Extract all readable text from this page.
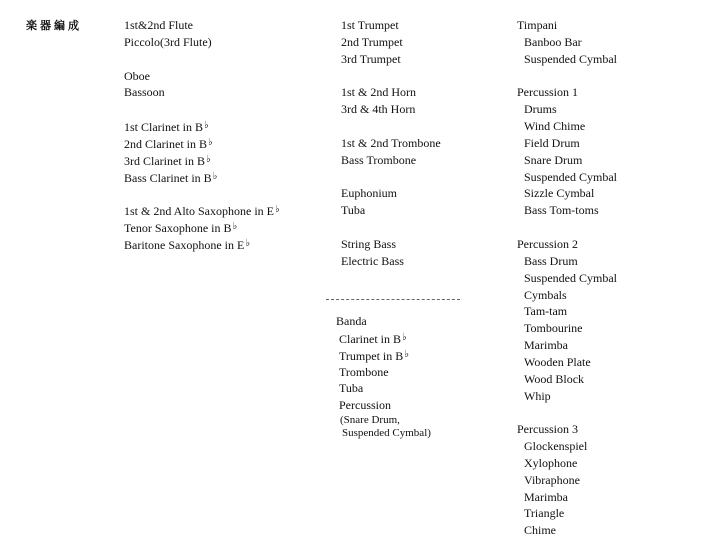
楽器編成	1st&2nd Flute
Piccolo(3rd Flute)
Oboe
Bassoon
1st Clarinet in B♭
2nd Clarinet in B♭
3rd Clarinet in B♭
Bass Clarinet in B♭
1st & 2nd Alto Saxophone in E♭
Tenor Saxophone in B♭
Baritone Saxophone in E♭
1st Trumpet
2nd Trumpet
3rd Trumpet
1st & 2nd Horn
3rd & 4th Horn
1st & 2nd Trombone
Bass Trombone
Euphonium
Tuba
String Bass
Electric Bass
Banda
Clarinet in B♭
Trumpet in B♭
Trombone
Tuba
Percussion
(Snare Drum,
Suspended Cymbal)
Timpani
Banboo Bar
Suspended Cymbal
Percussion 1
Drums
Wind Chime
Field Drum
Snare Drum
Suspended Cymbal
Sizzle Cymbal
Bass Tom-toms
Percussion 2
Bass Drum
Suspended Cymbal
Cymbals
Tam-tam
Tombourine
Marimba
Wooden Plate
Wood Block
Whip
Percussion 3
Glockenspiel
Xylophone
Vibraphone
Marimba
Triangle
Chime
